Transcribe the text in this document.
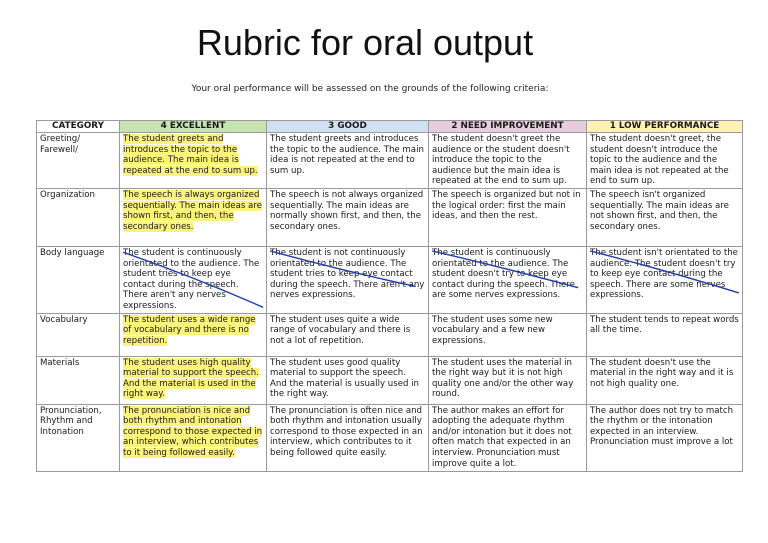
Rubric for oral output
Your oral performance will be assessed on the grounds of the following criteria:
CATEGORY	4 EXCELLENT	3 GOOD	2 NEED IMPROVEMENT	1 LOW PERFORMANCE
Greeting/ Farewell/	The student greets and introduces the topic to the audience. The main idea is repeated at the end to sum up.	The student greets and introduces the topic to the audience. The main idea is not repeated at the end to sum up.	The student doesn't greet the audience or the student doesn't introduce the topic to the audience but the main idea is repeated at the end to sum up.	The student doesn't greet, the student doesn't introduce the topic to the audience and the main idea is not repeated at the end to sum up.
Organization	The speech is always organized sequentially. The main ideas are shown first, and then, the secondary ones.	The speech is not always organized sequentially. The main ideas are normally shown first, and then, the secondary ones.	The speech is organized but not in the logical order: first the main ideas, and then the rest.	The speech isn't organized sequentially. The main ideas are not shown first, and then, the secondary ones.
Body language	The student is continuously orientated to the audience. The student tries to keep eye contact during the speech. There aren't any nerves expressions.	The student is not continuously orientated to the audience. The student tries to keep eye contact during the speech. There aren't any nerves expressions.	The student is continuously orientated to the audience. The student doesn't try to keep eye contact during the speech. There are some nerves expressions.	The student isn't orientated to the audience. The student doesn't try to keep eye contact during the speech. There are some nerves expressions.

Vocabulary	The student uses a wide range of vocabulary and there is no repetition.	The student uses quite a wide range of vocabulary and there is not a lot of repetition.	The student uses some new vocabulary and a few new expressions.	The student tends to repeat words all the time.
Materials	The student uses high quality material to support the speech. And the material is used in the right way.	The student uses good quality material to support the speech. And the material is usually used in the right way.	The student uses the material in the right way but it is not high quality one and/or the other way round.	The student doesn't use the material in the right way and it is not high quality one.
Pronunciation, Rhythm and Intonation	The pronunciation is nice and both rhythm and intonation correspond to those expected in an interview, which contributes to it being followed easily.	The pronunciation is often nice and both rhythm and intonation usually correspond to those expected in an interview, which contributes to it being followed quite easily.	The author makes an effort for adopting the adequate rhythm and/or intonation but it does not often match that expected in an interview. Pronunciation must improve quite a lot.	The author does not try to match the rhythm or the intonation expected in an interview. Pronunciation must improve a lot
